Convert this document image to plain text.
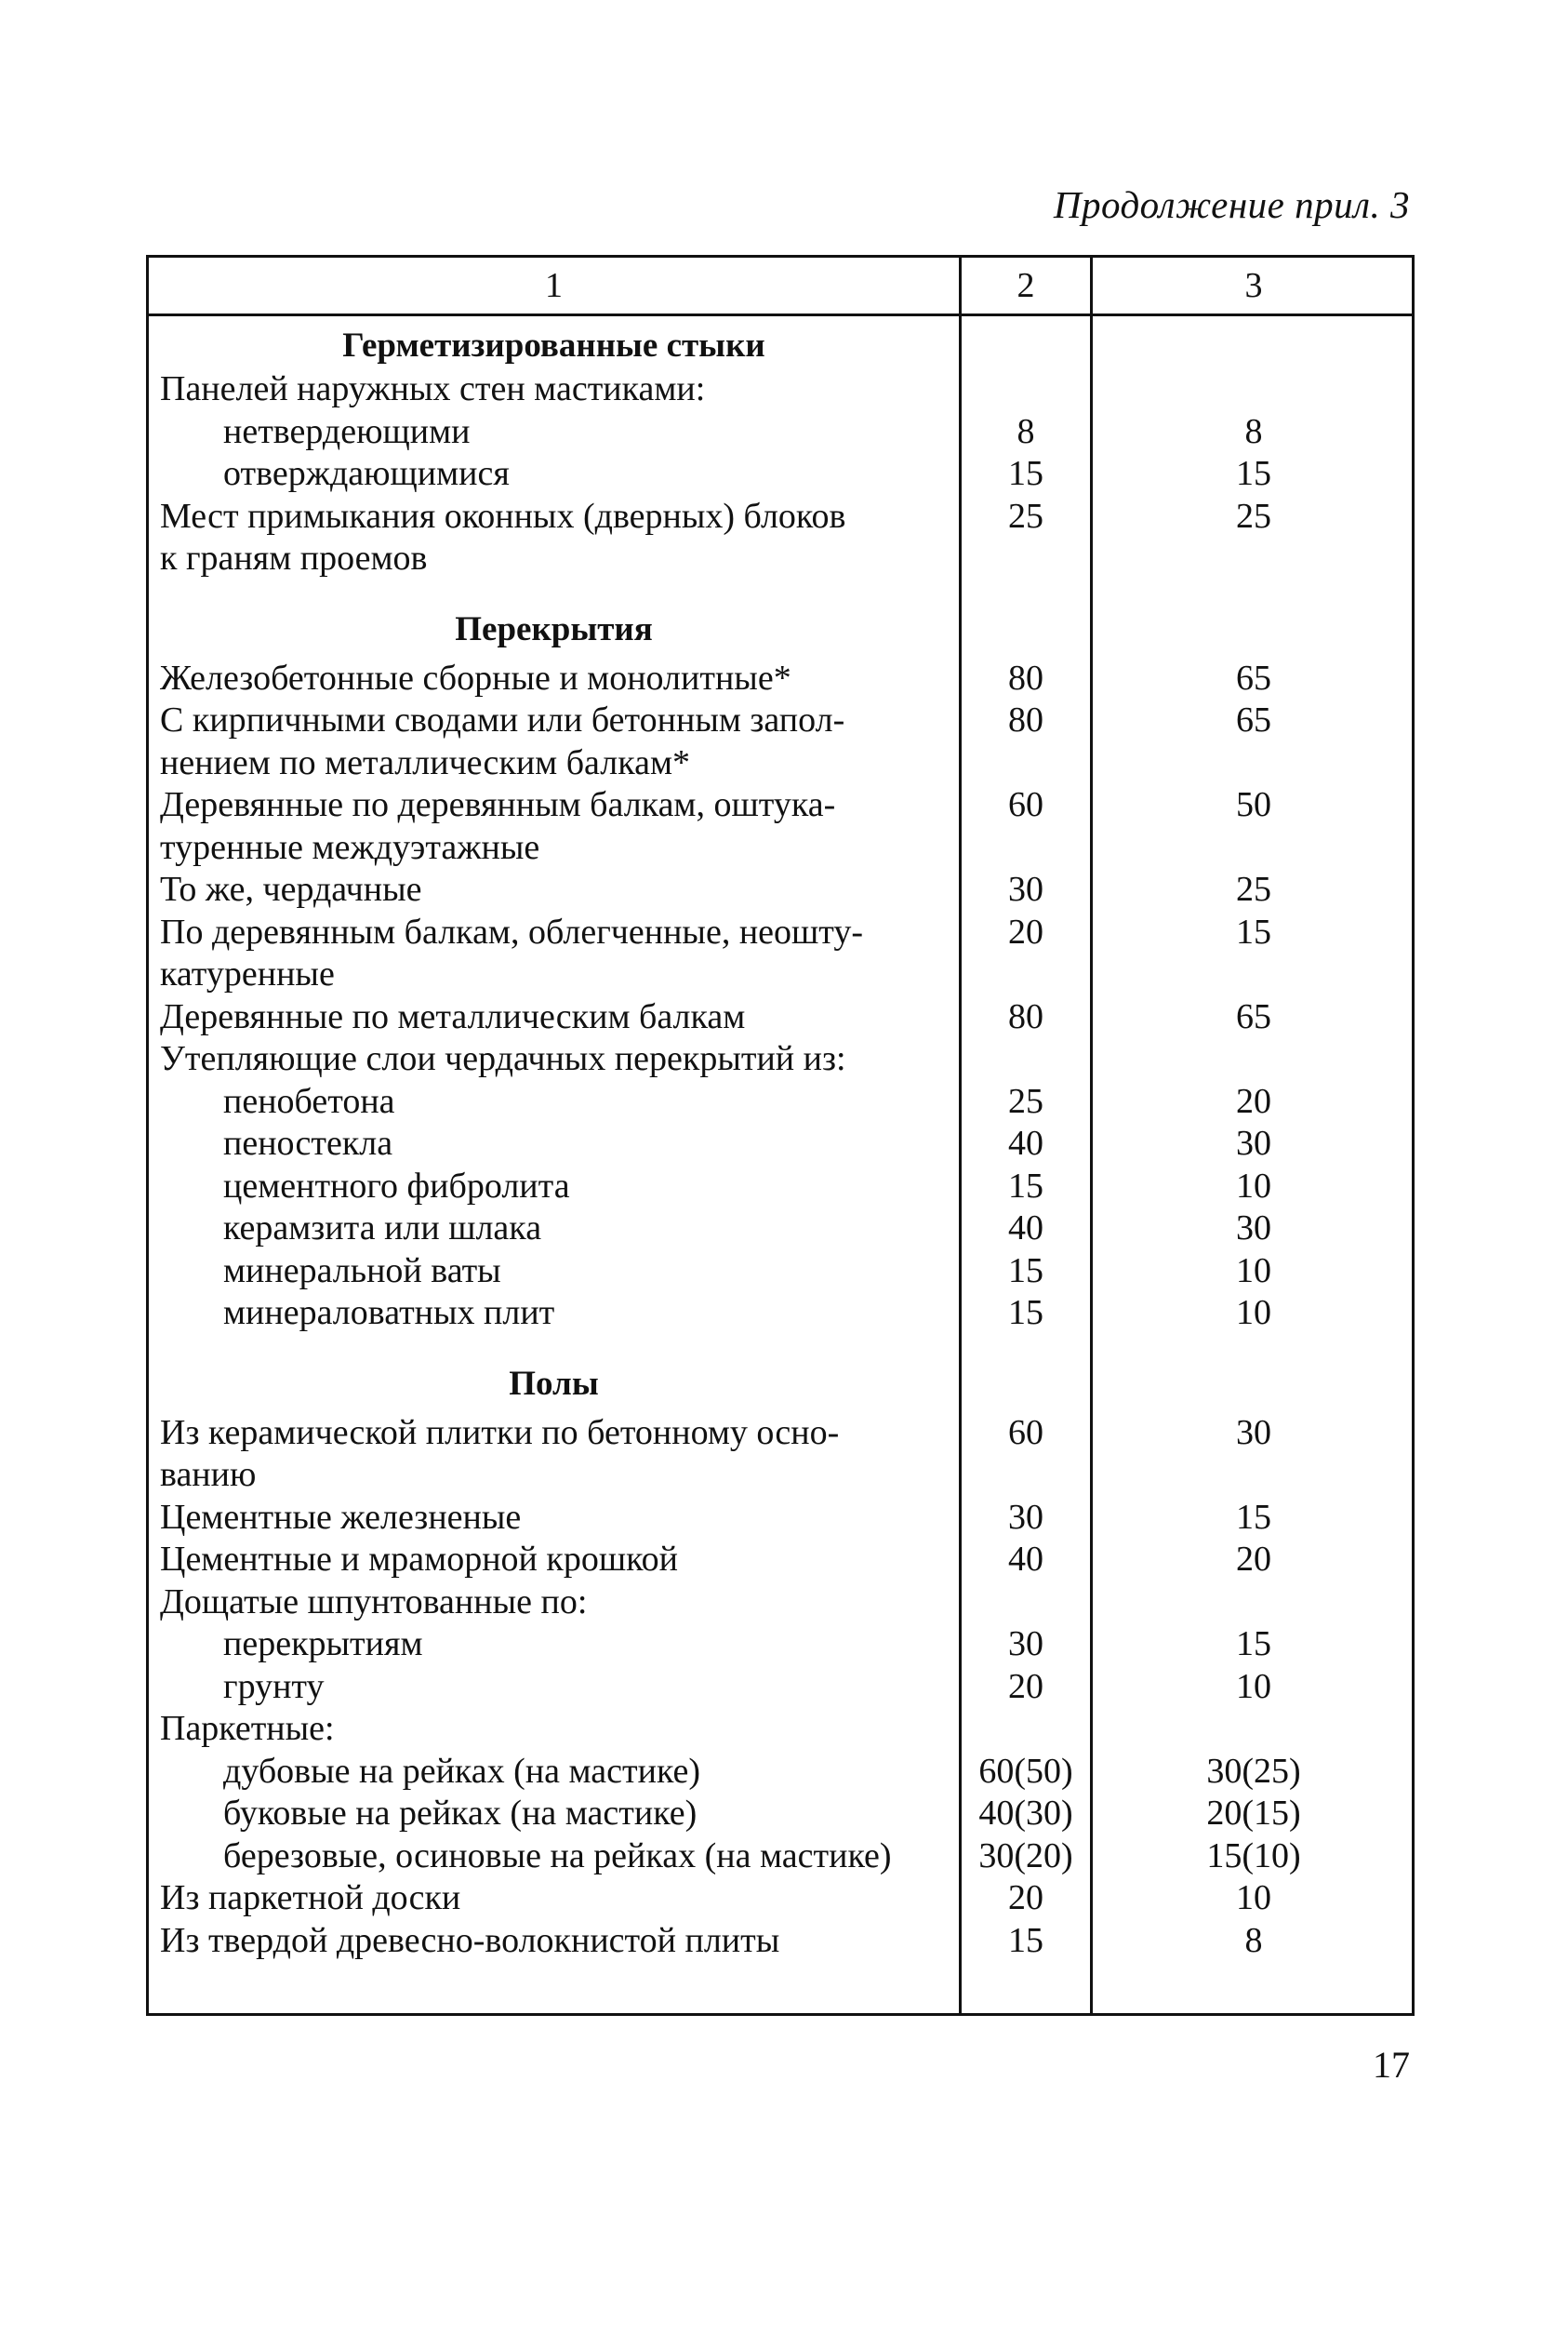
Продолжение прил. 3
1	2	3
Герметизированные стыки
Панелей наружных стен мастиками:
нетвердеющими	8	8
отверждающимися	15	15
Мест примыкания оконных (дверных) блоков	25	25
к граням проемов
Перекрытия
Железобетонные сборные и монолитные*	80	65
С кирпичными сводами или бетонным запол-	80	65
нением по металлическим балкам*
Деревянные по деревянным балкам, оштука-	60	50
туренные междуэтажные
То же, чердачные	30	25
По деревянным балкам, облегченные, неошту-	20	15
катуренные
Деревянные по металлическим балкам	80	65
Утепляющие слои чердачных перекрытий из:
пенобетона	25	20
пеностекла	40	30
цементного фибролита	15	10
керамзита или шлака	40	30
минеральной ваты	15	10
минераловатных плит	15	10
Полы
Из керамической плитки по бетонному осно-	60	30
ванию
Цементные железненые	30	15
Цементные и мраморной крошкой	40	20
Дощатые шпунтованные по:
перекрытиям	30	15
грунту	20	10
Паркетные:
дубовые на рейках (на мастике)	60(50)	30(25)
буковые на рейках (на мастике)	40(30)	20(15)
березовые, осиновые на рейках (на мастике)	30(20)	15(10)
Из паркетной доски	20	10
Из твердой древесно-волокнистой плиты	15	8
17
